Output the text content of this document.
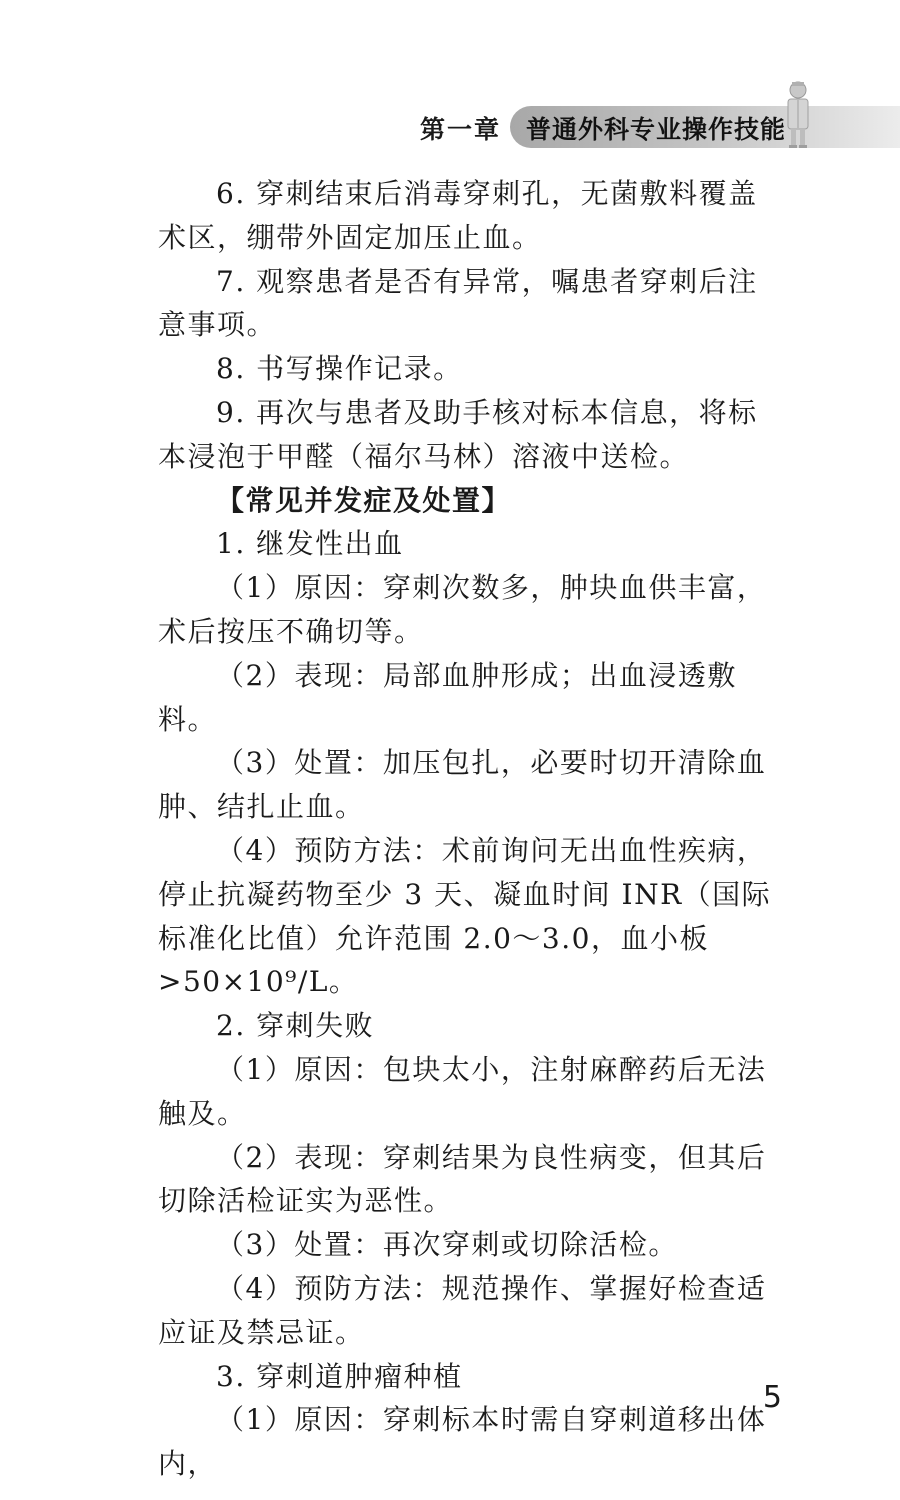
第一章 普通外科专业操作技能

6. 穿刺结束后消毒穿刺孔，无菌敷料覆盖术区，绷带外固定加压止血。

7. 观察患者是否有异常，嘱患者穿刺后注意事项。

8. 书写操作记录。

9. 再次与患者及助手核对标本信息，将标本浸泡于甲醛（福尔马林）溶液中送检。

【常见并发症及处置】

1. 继发性出血

（1）原因：穿刺次数多，肿块血供丰富，术后按压不确切等。

（2）表现：局部血肿形成；出血浸透敷料。

（3）处置：加压包扎，必要时切开清除血肿、结扎止血。

（4）预防方法：术前询问无出血性疾病，停止抗凝药物至少 3 天、凝血时间 INR（国际标准化比值）允许范围 2.0～3.0，血小板>50×10⁹/L。

2. 穿刺失败

（1）原因：包块太小，注射麻醉药后无法触及。

（2）表现：穿刺结果为良性病变，但其后切除活检证实为恶性。

（3）处置：再次穿刺或切除活检。

（4）预防方法：规范操作、掌握好检查适应证及禁忌证。

3. 穿刺道肿瘤种植

（1）原因：穿刺标本时需自穿刺道移出体内，

5
